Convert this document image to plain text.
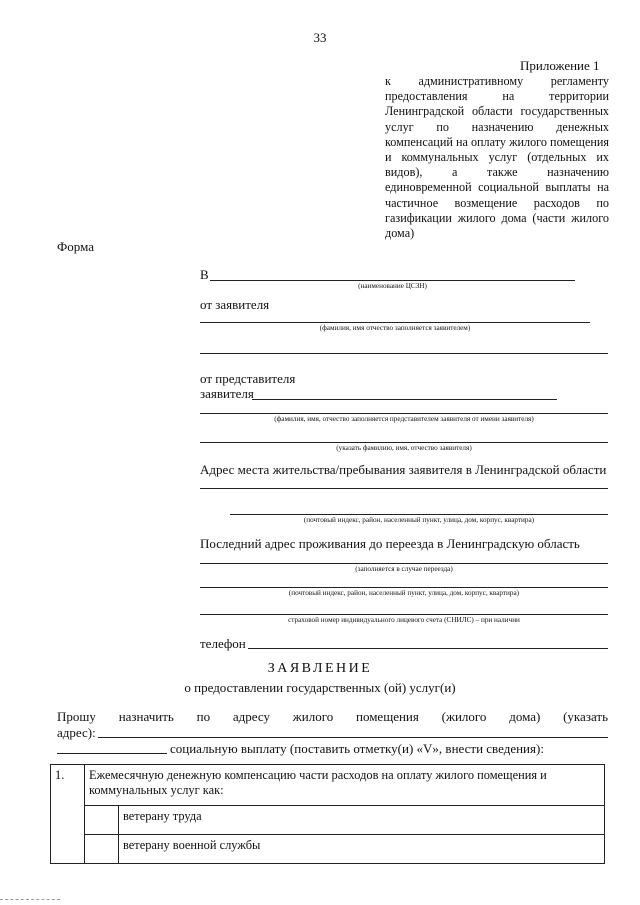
33
Приложение 1
к административному регламенту предоставления на территории Ленинградской области государственных услуг по назначению денежных компенсаций на оплату жилого помещения и коммунальных услуг (отдельных их видов), а также назначению единовременной социальной выплаты на частичное возмещение расходов по газификации жилого дома (части жилого дома)
Форма
В
(наименование ЦСЗН)
от заявителя
(фамилия, имя отчество заполняется заявителем)
от представителя
заявителя
(фамилия, имя, отчество заполняется представителем заявителя от имени заявителя)
(указать фамилию, имя, отчество заявителя)
Адрес места жительства/пребывания заявителя в Ленинградской области
(почтовый индекс, район, населенный пункт, улица, дом, корпус, квартира)
Последний адрес проживания до переезда в Ленинградскую область
(заполняется в случае переезда)
(почтовый индекс, район, населенный пункт, улица, дом, корпус, квартира)
страховой номер индивидуального лицевого счета (СНИЛС) – при наличии
телефон
ЗАЯВЛЕНИЕ
о предоставлении государственных (ой) услуг(и)
Прошу назначить по адресу жилого помещения (жилого дома) (указать
адрес):
социальную выплату (поставить отметку(и) «V», внести сведения):
1.	Ежемесячную денежную компенсацию части расходов на оплату жилого помещения и коммунальных услуг как:	
		ветерану труда
		ветерану военной службы
